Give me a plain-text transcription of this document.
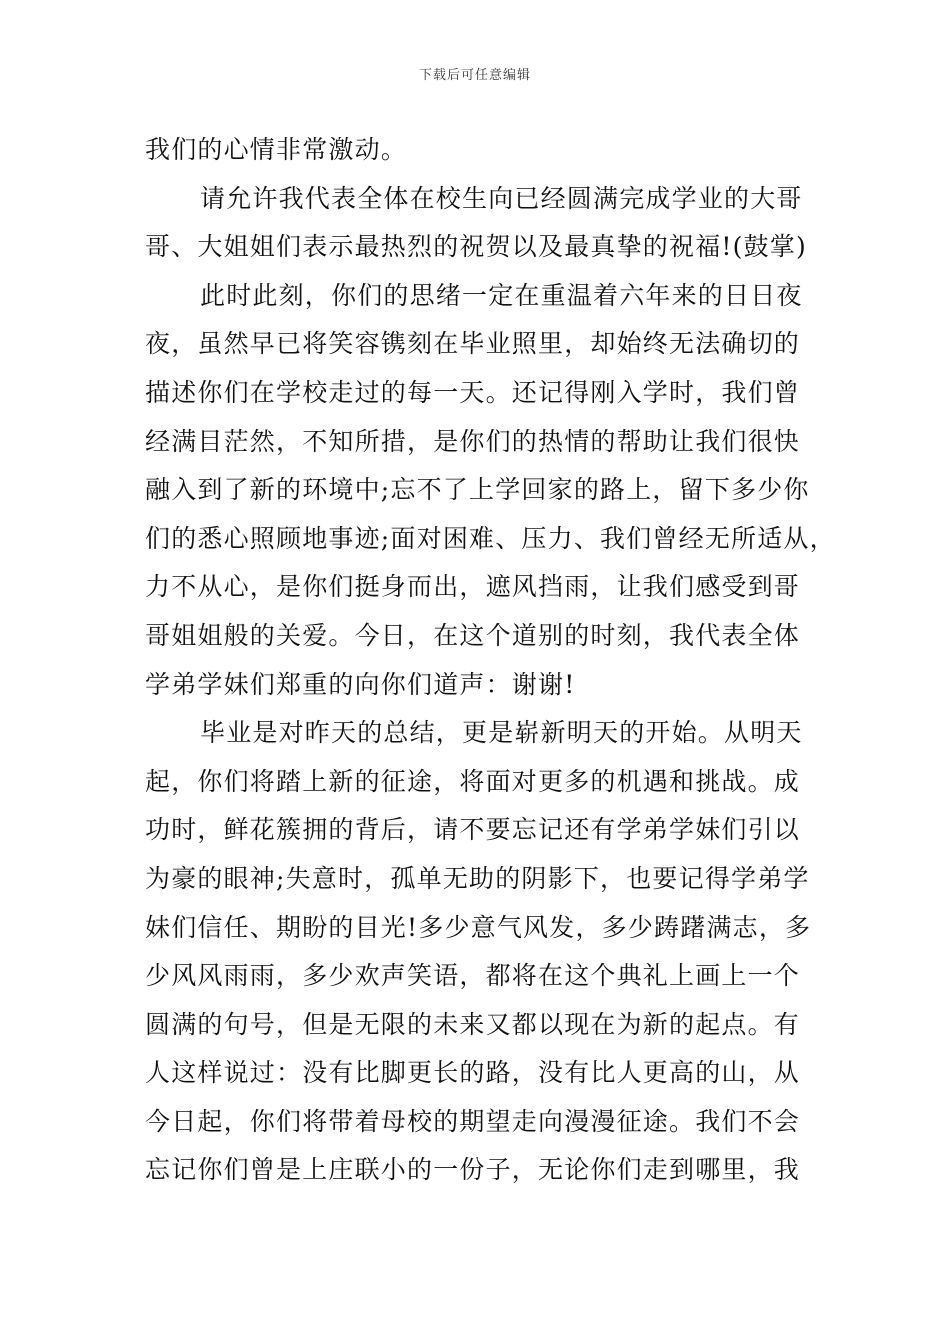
下载后可任意编辑
我们的心情非常激动。
请允许我代表全体在校生向已经圆满完成学业的大哥
哥、大姐姐们表示最热烈的祝贺以及最真挚的祝福!(鼓掌)
此时此刻，你们的思绪一定在重温着六年来的日日夜
夜，虽然早已将笑容镌刻在毕业照里，却始终无法确切的
描述你们在学校走过的每一天。还记得刚入学时，我们曾
经满目茫然，不知所措，是你们的热情的帮助让我们很快
融入到了新的环境中;忘不了上学回家的路上，留下多少你
们的悉心照顾地事迹;面对困难、压力、我们曾经无所适从，
力不从心，是你们挺身而出，遮风挡雨，让我们感受到哥
哥姐姐般的关爱。今日，在这个道别的时刻，我代表全体
学弟学妹们郑重的向你们道声：谢谢!
毕业是对昨天的总结，更是崭新明天的开始。从明天
起，你们将踏上新的征途，将面对更多的机遇和挑战。成
功时，鲜花簇拥的背后，请不要忘记还有学弟学妹们引以
为豪的眼神;失意时，孤单无助的阴影下，也要记得学弟学
妹们信任、期盼的目光!多少意气风发，多少踌躇满志，多
少风风雨雨，多少欢声笑语，都将在这个典礼上画上一个
圆满的句号，但是无限的未来又都以现在为新的起点。有
人这样说过：没有比脚更长的路，没有比人更高的山，从
今日起，你们将带着母校的期望走向漫漫征途。我们不会
忘记你们曾是上庄联小的一份子，无论你们走到哪里，我
